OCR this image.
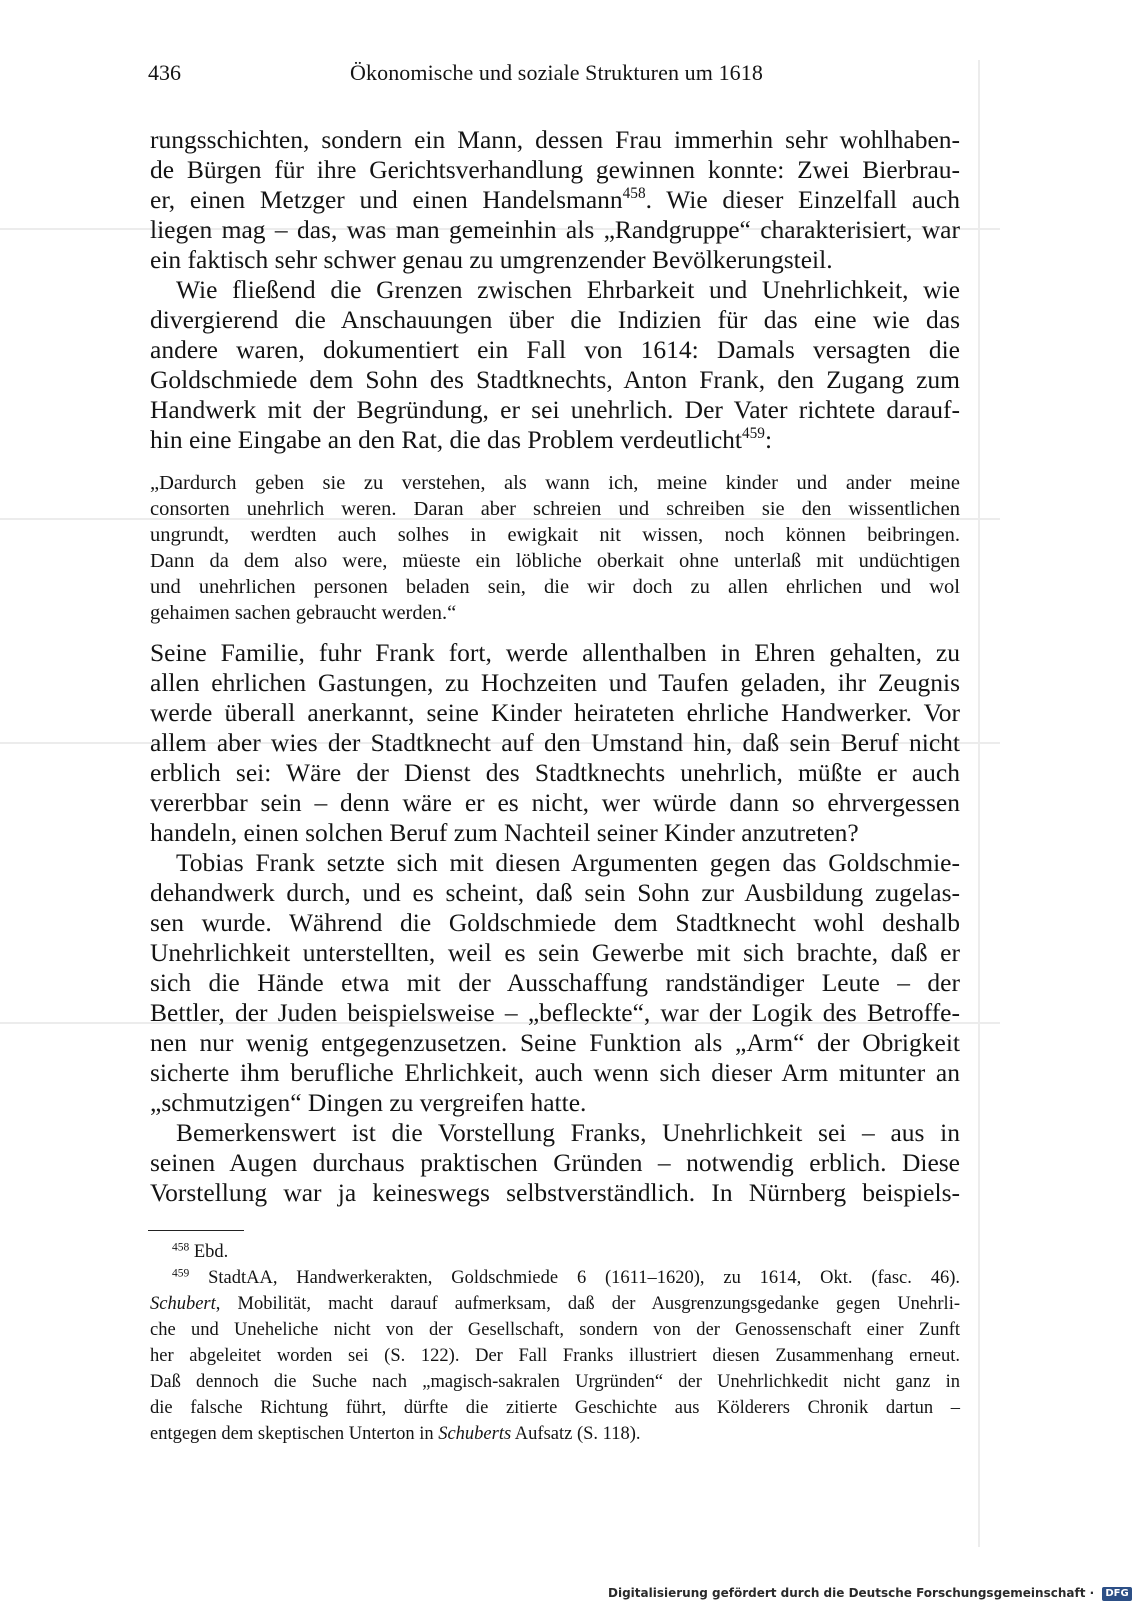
436	Ökonomische und soziale Strukturen um 1618
rungsschichten, sondern ein Mann, dessen Frau immerhin sehr wohlhaben-
de Bürgen für ihre Gerichtsverhandlung gewinnen konnte: Zwei Bierbrau-
er, einen Metzger und einen Handelsmann$^{458}$. Wie dieser Einzelfall auch
liegen mag – das, was man gemeinhin als „Randgruppe“ charakterisiert, war
ein faktisch sehr schwer genau zu umgrenzender Bevölkerungsteil.
Wie fließend die Grenzen zwischen Ehrbarkeit und Unehrlichkeit, wie
divergierend die Anschauungen über die Indizien für das eine wie das
andere waren, dokumentiert ein Fall von 1614: Damals versagten die
Goldschmiede dem Sohn des Stadtknechts, Anton Frank, den Zugang zum
Handwerk mit der Begründung, er sei unehrlich. Der Vater richtete darauf-
hin eine Eingabe an den Rat, die das Problem verdeutlicht$^{459}$:
„Dardurch geben sie zu verstehen, als wann ich, meine kinder und ander meine
consorten unehrlich weren. Daran aber schreien und schreiben sie den wissentlichen
ungrundt, werdten auch solhes in ewigkait nit wissen, noch können beibringen.
Dann da dem also were, müeste ein löbliche oberkait ohne unterlaß mit undüchtigen
und unehrlichen personen beladen sein, die wir doch zu allen ehrlichen und wol
gehaimen sachen gebraucht werden.“
Seine Familie, fuhr Frank fort, werde allenthalben in Ehren gehalten, zu
allen ehrlichen Gastungen, zu Hochzeiten und Taufen geladen, ihr Zeugnis
werde überall anerkannt, seine Kinder heirateten ehrliche Handwerker. Vor
allem aber wies der Stadtknecht auf den Umstand hin, daß sein Beruf nicht
erblich sei: Wäre der Dienst des Stadtknechts unehrlich, müßte er auch
vererbbar sein – denn wäre er es nicht, wer würde dann so ehrvergessen
handeln, einen solchen Beruf zum Nachteil seiner Kinder anzutreten?
Tobias Frank setzte sich mit diesen Argumenten gegen das Goldschmie-
dehandwerk durch, und es scheint, daß sein Sohn zur Ausbildung zugelas-
sen wurde. Während die Goldschmiede dem Stadtknecht wohl deshalb
Unehrlichkeit unterstellten, weil es sein Gewerbe mit sich brachte, daß er
sich die Hände etwa mit der Ausschaffung randständiger Leute – der
Bettler, der Juden beispielsweise – „befleckte“, war der Logik des Betroffe-
nen nur wenig entgegenzusetzen. Seine Funktion als „Arm“ der Obrigkeit
sicherte ihm berufliche Ehrlichkeit, auch wenn sich dieser Arm mitunter an
„schmutzigen“ Dingen zu vergreifen hatte.
Bemerkenswert ist die Vorstellung Franks, Unehrlichkeit sei – aus in
seinen Augen durchaus praktischen Gründen – notwendig erblich. Diese
Vorstellung war ja keineswegs selbstverständlich. In Nürnberg beispiels-
$^{458}$ Ebd.
$^{459}$ StadtAA, Handwerkerakten, Goldschmiede 6 (1611–1620), zu 1614, Okt. (fasc. 46).
Schubert, Mobilität, macht darauf aufmerksam, daß der Ausgrenzungsgedanke gegen Unehrli-
che und Uneheliche nicht von der Gesellschaft, sondern von der Genossenschaft einer Zunft
her abgeleitet worden sei (S. 122). Der Fall Franks illustriert diesen Zusammenhang erneut.
Daß dennoch die Suche nach „magisch-sakralen Urgründen“ der Unehrlichkedit nicht ganz in
die falsche Richtung führt, dürfte die zitierte Geschichte aus Kölderers Chronik dartun –
entgegen dem skeptischen Unterton in Schuberts Aufsatz (S. 118).
Digitalisierung gefördert durch die Deutsche Forschungsgemeinschaft · DFG
